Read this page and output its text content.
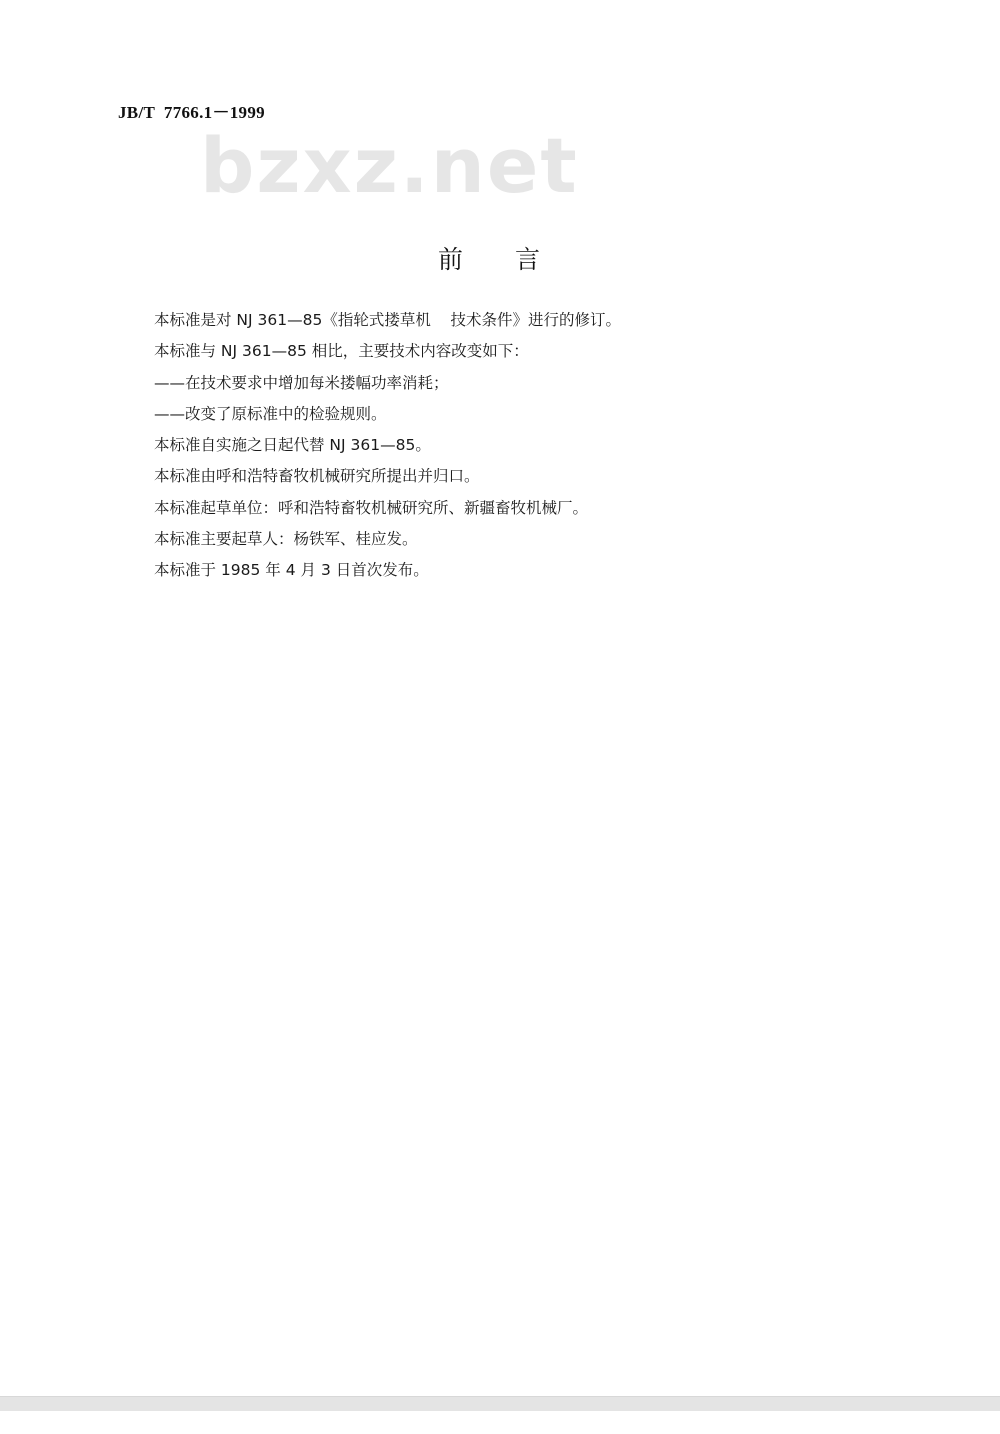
JB/T  7766.1－1999
bzxz.net
前言
本标准是对 NJ 361—85《指轮式搂草机    技术条件》进行的修订。
本标准与 NJ 361—85 相比，主要技术内容改变如下：
——在技术要求中增加每米搂幅功率消耗；
——改变了原标准中的检验规则。
本标准自实施之日起代替 NJ 361—85。
本标准由呼和浩特畜牧机械研究所提出并归口。
本标准起草单位：呼和浩特畜牧机械研究所、新疆畜牧机械厂。
本标准主要起草人：杨铁军、桂应发。
本标准于 1985 年 4 月 3 日首次发布。
